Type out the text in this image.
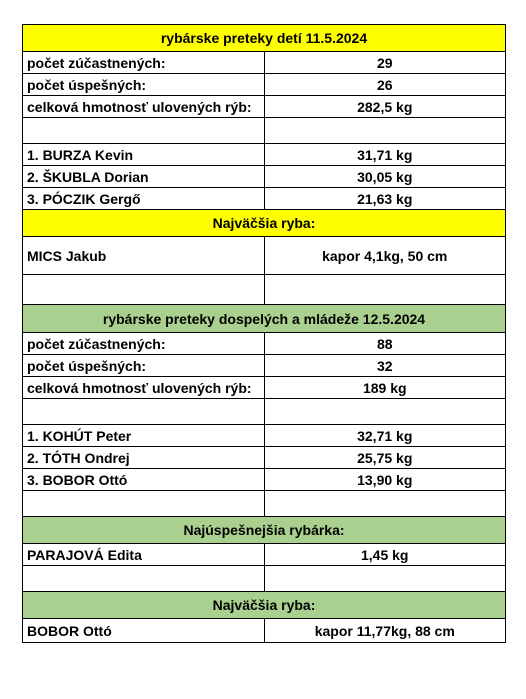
rybárske preteky detí 11.5.2024	
počet zúčastnených:	29
počet úspešných:	26
celková hmotnosť ulovených rýb:	282,5 kg

1. BURZA Kevin	31,71 kg
2. ŠKUBLA Dorian	30,05 kg
3. PÓCZIK Gergő	21,63 kg
Najväčšia ryba:	
MICS Jakub	kapor 4,1kg, 50 cm

rybárske preteky dospelých a mládeže 12.5.2024	
počet zúčastnených:	88
počet úspešných:	32
celková hmotnosť ulovených rýb:	189 kg

1. KOHÚT Peter	32,71 kg
2. TÓTH Ondrej	25,75 kg
3. BOBOR Ottó	13,90 kg

Najúspešnejšia rybárka:	
PARAJOVÁ Edita	1,45 kg

Najväčšia ryba:	
BOBOR Ottó	kapor 11,77kg, 88 cm
